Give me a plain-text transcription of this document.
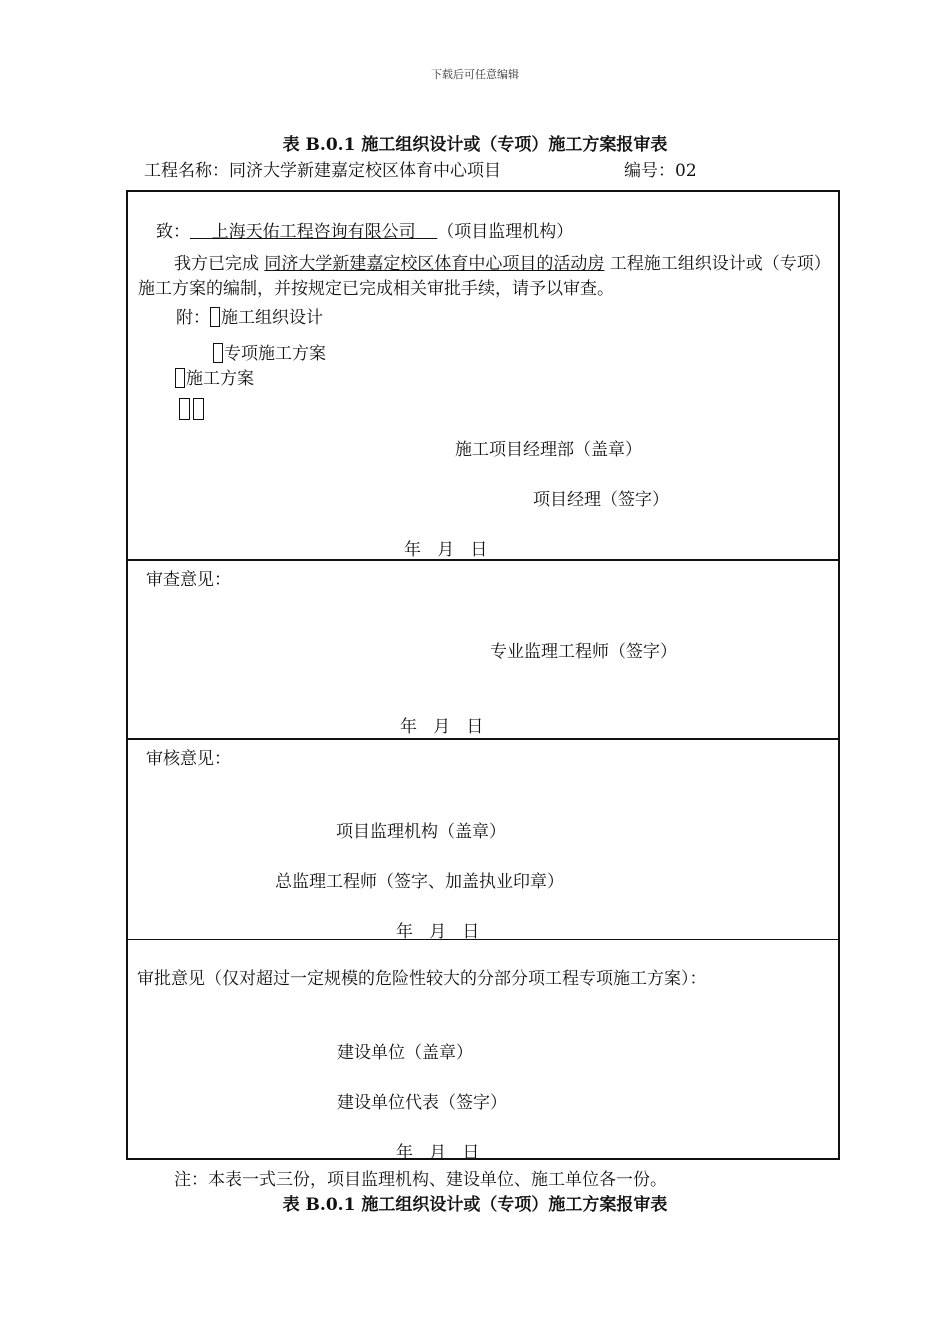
下载后可任意编辑
表 B.0.1 施工组织设计或（专项）施工方案报审表
工程名称：同济大学新建嘉定校区体育中心项目	编号：02
致： 上海天佑工程咨询有限公司 （项目监理机构）
我方已完成 同济大学新建嘉定校区体育中心项目的活动房 工程施工组织设计或（专项）施工方案的编制，并按规定已完成相关审批手续，请予以审查。
附： 施工组织设计
专项施工方案
施工方案
施工项目经理部（盖章）
项目经理（签字）
年   月   日
审查意见：
专业监理工程师（签字）
年   月   日
审核意见：
项目监理机构（盖章）
总监理工程师（签字、加盖执业印章）
年   月   日
审批意见（仅对超过一定规模的危险性较大的分部分项工程专项施工方案）：
建设单位（盖章）
建设单位代表（签字）
年   月   日
注：本表一式三份，项目监理机构、建设单位、施工单位各一份。
表 B.0.1 施工组织设计或（专项）施工方案报审表
